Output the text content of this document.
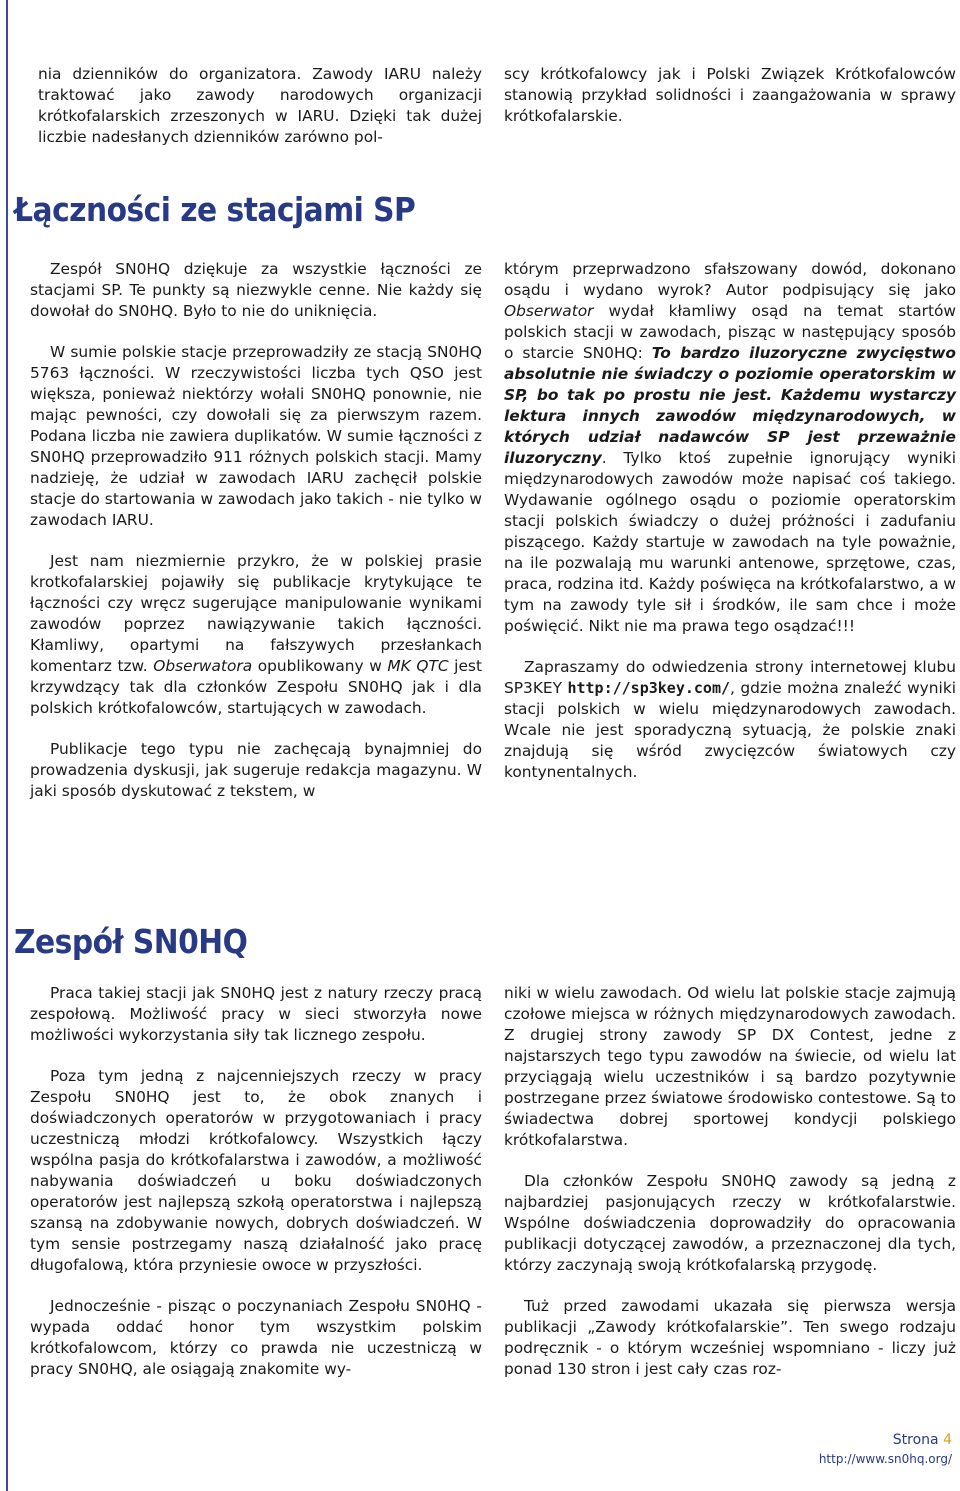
nia dzienników do organizatora. Zawody IARU należy traktować jako zawody narodowych organizacji krótkofalarskich zrzeszonych w IARU. Dzięki tak dużej liczbie nadesłanych dzienników zarówno pol-

scy krótkofalowcy jak i Polski Związek Krótkofalowców stanowią przykład solidności i zaangażowania w sprawy krótkofalarskie.

Łączności ze stacjami SP

Zespół SN0HQ dziękuje za wszystkie łączności ze stacjami SP. Te punkty są niezwykle cenne. Nie każdy się dowołał do SN0HQ. Było to nie do uniknięcia.

W sumie polskie stacje przeprowadziły ze stacją SN0HQ 5763 łączności. W rzeczywistości liczba tych QSO jest większa, ponieważ niektórzy wołali SN0HQ ponownie, nie mając pewności, czy dowołali się za pierwszym razem. Podana liczba nie zawiera duplikatów. W sumie łączności z SN0HQ przeprowadziło 911 różnych polskich stacji. Mamy nadzieję, że udział w zawodach IARU zachęcił polskie stacje do startowania w zawodach jako takich - nie tylko w zawodach IARU.

Jest nam niezmiernie przykro, że w polskiej prasie krotkofalarskiej pojawiły się publikacje krytykujące te łączności czy wręcz sugerujące manipulowanie wynikami zawodów poprzez nawiązywanie takich łączności. Kłamliwy, opartymi na fałszywych przesłankach komentarz tzw. Obserwatora opublikowany w MK QTC jest krzywdzący tak dla członków Zespołu SN0HQ jak i dla polskich krótkofalowców, startujących w zawodach.

Publikacje tego typu nie zachęcają bynajmniej do prowadzenia dyskusji, jak sugeruje redakcja magazynu. W jaki sposób dyskutować z tekstem, w

którym przeprwadzono sfałszowany dowód, dokonano osądu i wydano wyrok? Autor podpisujący się jako Obserwator wydał kłamliwy osąd na temat startów polskich stacji w zawodach, pisząc w następujący sposób o starcie SN0HQ: To bardzo iluzoryczne zwycięstwo absolutnie nie świadczy o poziomie operatorskim w SP, bo tak po prostu nie jest. Każdemu wystarczy lektura innych zawodów międzynarodowych, w których udział nadawców SP jest przeważnie iluzoryczny. Tylko ktoś zupełnie ignorujący wyniki międzynarodowych zawodów może napisać coś takiego. Wydawanie ogólnego osądu o poziomie operatorskim stacji polskich świadczy o dużej próżności i zadufaniu piszącego. Każdy startuje w zawodach na tyle poważnie, na ile pozwalają mu warunki antenowe, sprzętowe, czas, praca, rodzina itd. Każdy poświęca na krótkofalarstwo, a w tym na zawody tyle sił i środków, ile sam chce i może poświęcić. Nikt nie ma prawa tego osądzać!!!

Zapraszamy do odwiedzenia strony internetowej klubu SP3KEY http://sp3key.com/, gdzie można znaleźć wyniki stacji polskich w wielu międzynarodowych zawodach. Wcale nie jest sporadyczną sytuacją, że polskie znaki znajdują się wśród zwycięzców światowych czy kontynentalnych.

Zespół SN0HQ

Praca takiej stacji jak SN0HQ jest z natury rzeczy pracą zespołową. Możliwość pracy w sieci stworzyła nowe możliwości wykorzystania siły tak licznego zespołu.

Poza tym jedną z najcenniejszych rzeczy w pracy Zespołu SN0HQ jest to, że obok znanych i doświadczonych operatorów w przygotowaniach i pracy uczestniczą młodzi krótkofalowcy. Wszystkich łączy wspólna pasja do krótkofalarstwa i zawodów, a możliwość nabywania doświadczeń u boku doświadczonych operatorów jest najlepszą szkołą operatorstwa i najlepszą szansą na zdobywanie nowych, dobrych doświadczeń. W tym sensie postrzegamy naszą działalność jako pracę długofalową, która przyniesie owoce w przyszłości.

Jednocześnie - pisząc o poczynaniach Zespołu SN0HQ - wypada oddać honor tym wszystkim polskim krótkofalowcom, którzy co prawda nie uczestniczą w pracy SN0HQ, ale osiągają znakomite wy-

niki w wielu zawodach. Od wielu lat polskie stacje zajmują czołowe miejsca w różnych międzynarodowych zawodach. Z drugiej strony zawody SP DX Contest, jedne z najstarszych tego typu zawodów na świecie, od wielu lat przyciągają wielu uczestników i są bardzo pozytywnie postrzegane przez światowe środowisko contestowe. Są to świadectwa dobrej sportowej kondycji polskiego krótkofalarstwa.

Dla członków Zespołu SN0HQ zawody są jedną z najbardziej pasjonujących rzeczy w krótkofalarstwie. Wspólne doświadczenia doprowadziły do opracowania publikacji dotyczącej zawodów, a przeznaczonej dla tych, którzy zaczynają swoją krótkofalarską przygodę.

Tuż przed zawodami ukazała się pierwsza wersja publikacji „Zawody krótkofalarskie”. Ten swego rodzaju podręcznik - o którym wcześniej wspomniano - liczy już ponad 130 stron i jest cały czas roz-

Strona 4
http://www.sn0hq.org/
